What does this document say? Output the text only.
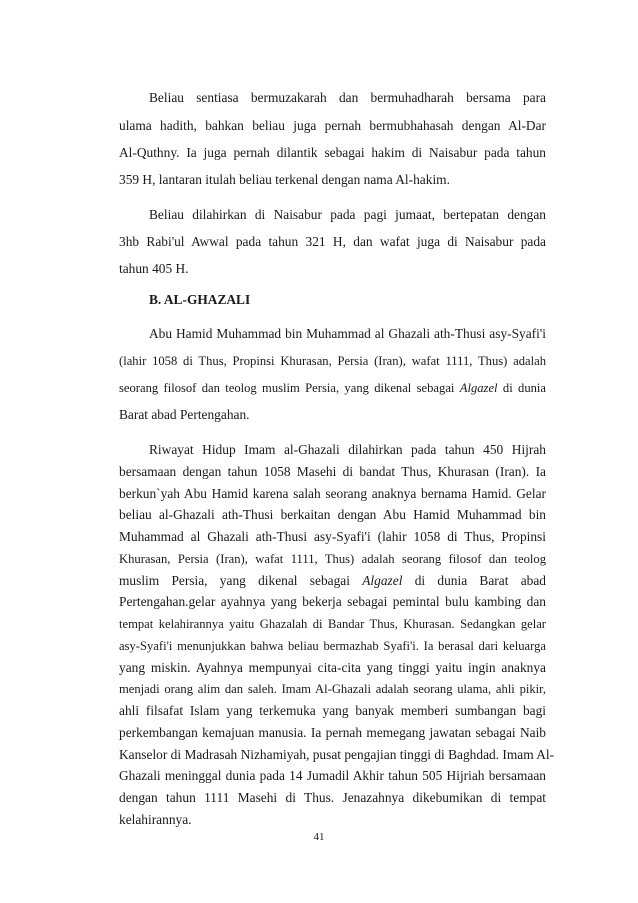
Beliau sentiasa bermuzakarah dan bermuhadharah bersama para
ulama hadith, bahkan beliau juga pernah bermubhahasah dengan Al-Dar
Al-Quthny. Ia juga pernah dilantik sebagai hakim di Naisabur pada tahun
359 H, lantaran itulah beliau terkenal dengan nama Al-hakim.
Beliau dilahirkan di Naisabur pada pagi jumaat, bertepatan dengan
3hb Rabi'ul Awwal pada tahun 321 H, dan wafat juga di Naisabur pada
tahun 405 H.
B. AL-GHAZALI
Abu Hamid Muhammad bin Muhammad al Ghazali ath-Thusi asy-Syafi'i
(lahir 1058 di Thus, Propinsi Khurasan, Persia (Iran), wafat 1111, Thus) adalah
seorang filosof dan teolog muslim Persia, yang dikenal sebagai Algazel di dunia
Barat abad Pertengahan.
Riwayat Hidup Imam al-Ghazali dilahirkan pada tahun 450 Hijrah
bersamaan dengan tahun 1058 Masehi di bandat Thus, Khurasan (Iran). Ia
berkun`yah Abu Hamid karena salah seorang anaknya bernama Hamid. Gelar
beliau al-Ghazali ath-Thusi berkaitan dengan Abu Hamid Muhammad bin
Muhammad al Ghazali ath-Thusi asy-Syafi'i (lahir 1058 di Thus, Propinsi
Khurasan, Persia (Iran), wafat 1111, Thus) adalah seorang filosof dan teolog
muslim Persia, yang dikenal sebagai Algazel di dunia Barat abad
Pertengahan.gelar ayahnya yang bekerja sebagai pemintal bulu kambing dan
tempat kelahirannya yaitu Ghazalah di Bandar Thus, Khurasan. Sedangkan gelar
asy-Syafi'i menunjukkan bahwa beliau bermazhab Syafi'i. Ia berasal dari keluarga
yang miskin. Ayahnya mempunyai cita-cita yang tinggi yaitu ingin anaknya
menjadi orang alim dan saleh. Imam Al-Ghazali adalah seorang ulama, ahli pikir,
ahli filsafat Islam yang terkemuka yang banyak memberi sumbangan bagi
perkembangan kemajuan manusia. Ia pernah memegang jawatan sebagai Naib
Kanselor di Madrasah Nizhamiyah, pusat pengajian tinggi di Baghdad. Imam Al-
Ghazali meninggal dunia pada 14 Jumadil Akhir tahun 505 Hijriah bersamaan
dengan tahun 1111 Masehi di Thus. Jenazahnya dikebumikan di tempat
kelahirannya.
41
